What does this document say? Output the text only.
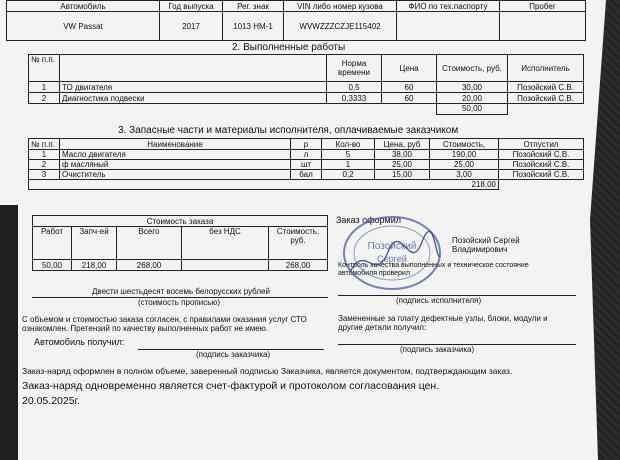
Автомобиль	Год выпуска	Рег. знак	VIN либо номер кузова	ФИО по тех.паспорту	Пробег
VW Passat	2017	1013 НМ-1	WVWZZZCZJE115402		
2. Выполненные работы
№ п.п.		Норма времени	Цена	Стоимость, руб.	Исполнитель
1	ТО двигателя	0,5	60	30,00	Позойский С.В.
2	Диагностика подвески	0,3333	60	20,00	Позойский С.В.
				50,00	
3. Запасные части и материалы исполнителя, оплачиваемые заказчиком
№ п.п.	Наименование	р	Кол-во	Цена, руб	Стоимость,	Отпустил
1	Масло двигателя	л	5	38,00	190,00	Позойский С.В.
2	ф масляный	шт	1	25,00	25,00	Позойский С.В.
3	Очиститель	бал	0,2	15,00	3,00	Позойский С.В.
218,00						
Стоимость заказа				
Работ	Запч-ей	Всего	без НДС	Стоимость, руб.
50,00	218,00	268,00		268,00
Двести шестьдесят восемь белорусских рублей
(стоимость прописью)
С объемом и стоимостью заказа согласен, с правилами оказания услуг СТО
ознакомлен. Претензий по качеству выполненных работ не имею.
Автомобиль получил:
(подпись заказчика)
Заказ оформил
Позойский Сергей
Владимирович
Контроль качества выполненных и техническое состояние
автомобиля проверил
(подпись исполнителя)
Замененные за плату дефектные узлы, блоки, модули и
другие детали получил:
(подпись заказчика)
Позойский
Сергей
Заказ-наряд оформлен в полном объеме, заверенный подписью Заказчика, является документом, подтверждающим заказ.
Заказ-наряд одновременно является счет-фактурой и протоколом согласования цен.
20.05.2025г.
